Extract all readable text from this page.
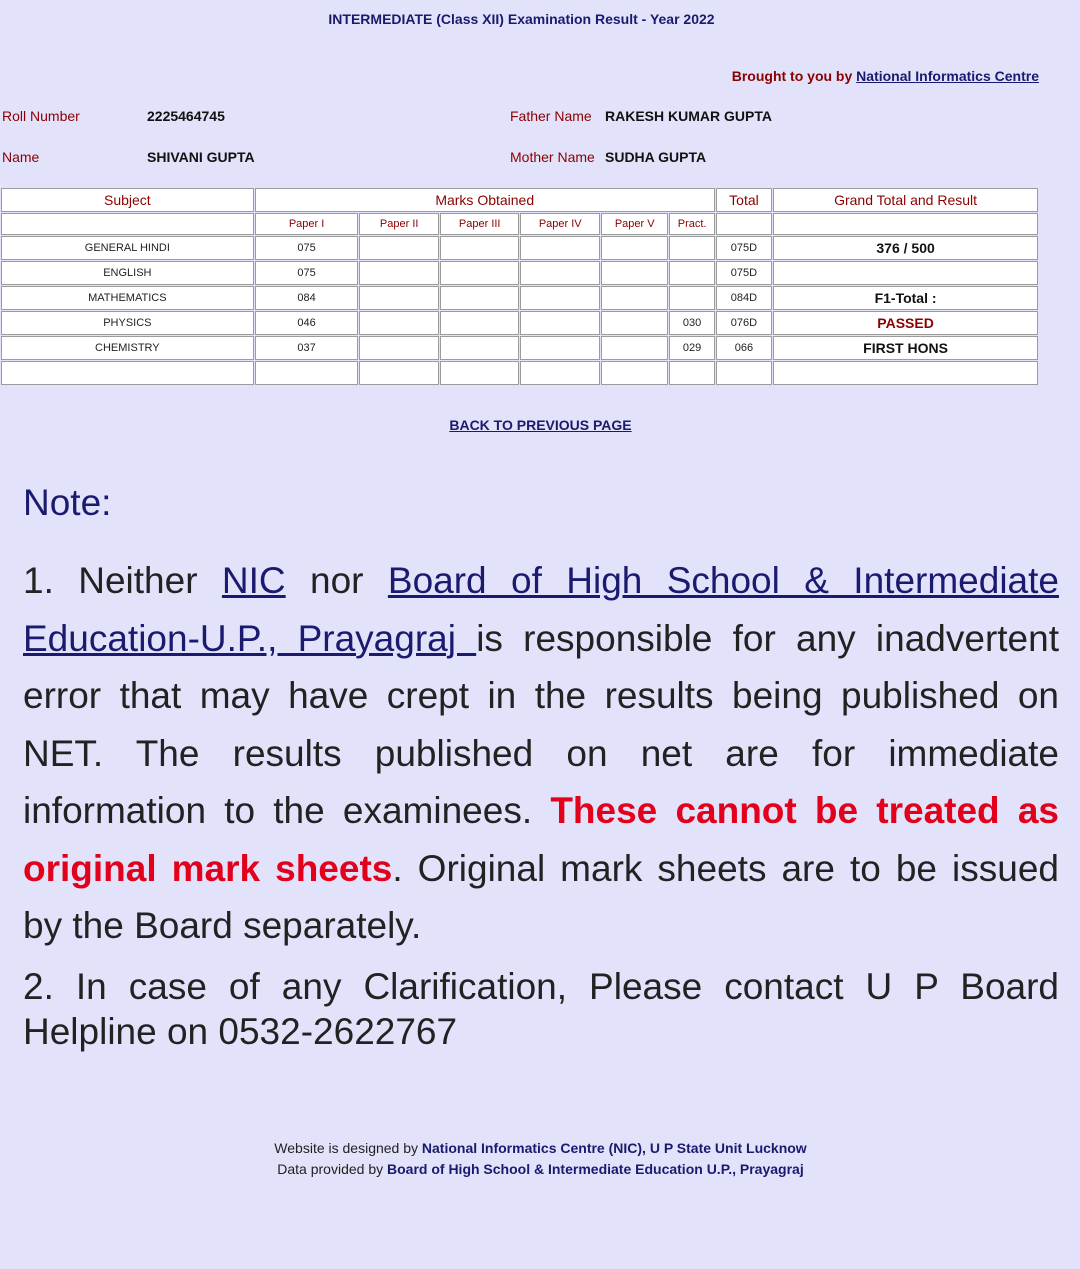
INTERMEDIATE (Class XII) Examination Result - Year 2022
Brought to you by National Informatics Centre
Roll Number	2225464745	Father Name RAKESH KUMAR GUPTA
Name	SHIVANI GUPTA	Mother Name SUDHA GUPTA
Subject	Marks Obtained						Total	Grand Total and Result
	Paper I	Paper II	Paper III	Paper IV	Paper V	Pract.		
GENERAL HINDI	075						075D	376 / 500
ENGLISH	075						075D	
MATHEMATICS	084						084D	F1-Total :
PHYSICS	046					030	076D	PASSED
CHEMISTRY	037					029	066	FIRST HONS

BACK TO PREVIOUS PAGE
Note:
1. Neither NIC nor Board of High School & Intermediate Education-U.P., Prayagraj is responsible for any inadvertent error that may have crept in the results being published on NET. The results published on net are for immediate information to the examinees. These cannot be treated as original mark sheets. Original mark sheets are to be issued by the Board separately.
2. In case of any Clarification, Please contact U P Board Helpline on 0532-2622767
Website is designed by National Informatics Centre (NIC), U P State Unit Lucknow
Data provided by Board of High School & Intermediate Education U.P., Prayagraj
